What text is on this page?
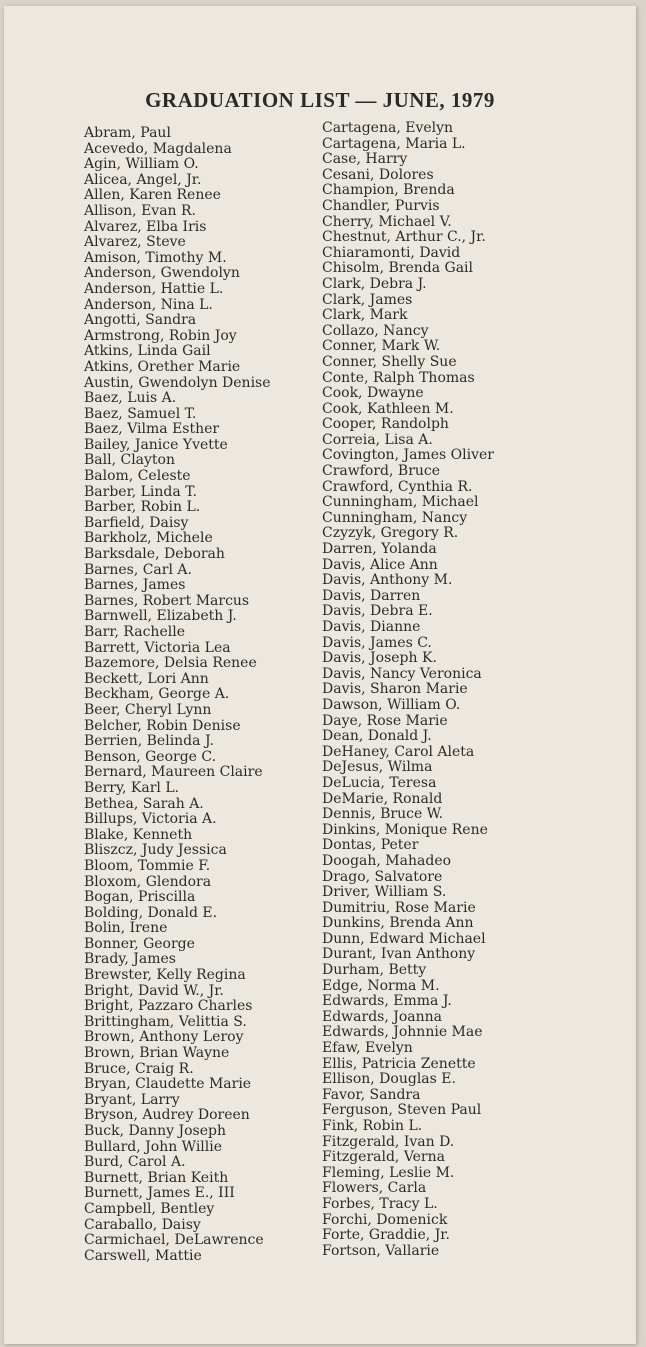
GRADUATION LIST — JUNE, 1979
Abram, Paul
Acevedo, Magdalena
Agin, William O.
Alicea, Angel, Jr.
Allen, Karen Renee
Allison, Evan R.
Alvarez, Elba Iris
Alvarez, Steve
Amison, Timothy M.
Anderson, Gwendolyn
Anderson, Hattie L.
Anderson, Nina L.
Angotti, Sandra
Armstrong, Robin Joy
Atkins, Linda Gail
Atkins, Orether Marie
Austin, Gwendolyn Denise
Baez, Luis A.
Baez, Samuel T.
Baez, Vilma Esther
Bailey, Janice Yvette
Ball, Clayton
Balom, Celeste
Barber, Linda T.
Barber, Robin L.
Barfield, Daisy
Barkholz, Michele
Barksdale, Deborah
Barnes, Carl A.
Barnes, James
Barnes, Robert Marcus
Barnwell, Elizabeth J.
Barr, Rachelle
Barrett, Victoria Lea
Bazemore, Delsia Renee
Beckett, Lori Ann
Beckham, George A.
Beer, Cheryl Lynn
Belcher, Robin Denise
Berrien, Belinda J.
Benson, George C.
Bernard, Maureen Claire
Berry, Karl L.
Bethea, Sarah A.
Billups, Victoria A.
Blake, Kenneth
Bliszcz, Judy Jessica
Bloom, Tommie F.
Bloxom, Glendora
Bogan, Priscilla
Bolding, Donald E.
Bolin, Irene
Bonner, George
Brady, James
Brewster, Kelly Regina
Bright, David W., Jr.
Bright, Pazzaro Charles
Brittingham, Velittia S.
Brown, Anthony Leroy
Brown, Brian Wayne
Bruce, Craig R.
Bryan, Claudette Marie
Bryant, Larry
Bryson, Audrey Doreen
Buck, Danny Joseph
Bullard, John Willie
Burd, Carol A.
Burnett, Brian Keith
Burnett, James E., III
Campbell, Bentley
Caraballo, Daisy
Carmichael, DeLawrence
Carswell, Mattie
Cartagena, Evelyn
Cartagena, Maria L.
Case, Harry
Cesani, Dolores
Champion, Brenda
Chandler, Purvis
Cherry, Michael V.
Chestnut, Arthur C., Jr.
Chiaramonti, David
Chisolm, Brenda Gail
Clark, Debra J.
Clark, James
Clark, Mark
Collazo, Nancy
Conner, Mark W.
Conner, Shelly Sue
Conte, Ralph Thomas
Cook, Dwayne
Cook, Kathleen M.
Cooper, Randolph
Correia, Lisa A.
Covington, James Oliver
Crawford, Bruce
Crawford, Cynthia R.
Cunningham, Michael
Cunningham, Nancy
Czyzyk, Gregory R.
Darren, Yolanda
Davis, Alice Ann
Davis, Anthony M.
Davis, Darren
Davis, Debra E.
Davis, Dianne
Davis, James C.
Davis, Joseph K.
Davis, Nancy Veronica
Davis, Sharon Marie
Dawson, William O.
Daye, Rose Marie
Dean, Donald J.
DeHaney, Carol Aleta
DeJesus, Wilma
DeLucia, Teresa
DeMarie, Ronald
Dennis, Bruce W.
Dinkins, Monique Rene
Dontas, Peter
Doogah, Mahadeo
Drago, Salvatore
Driver, William S.
Dumitriu, Rose Marie
Dunkins, Brenda Ann
Dunn, Edward Michael
Durant, Ivan Anthony
Durham, Betty
Edge, Norma M.
Edwards, Emma J.
Edwards, Joanna
Edwards, Johnnie Mae
Efaw, Evelyn
Ellis, Patricia Zenette
Ellison, Douglas E.
Favor, Sandra
Ferguson, Steven Paul
Fink, Robin L.
Fitzgerald, Ivan D.
Fitzgerald, Verna
Fleming, Leslie M.
Flowers, Carla
Forbes, Tracy L.
Forchi, Domenick
Forte, Graddie, Jr.
Fortson, Vallarie
